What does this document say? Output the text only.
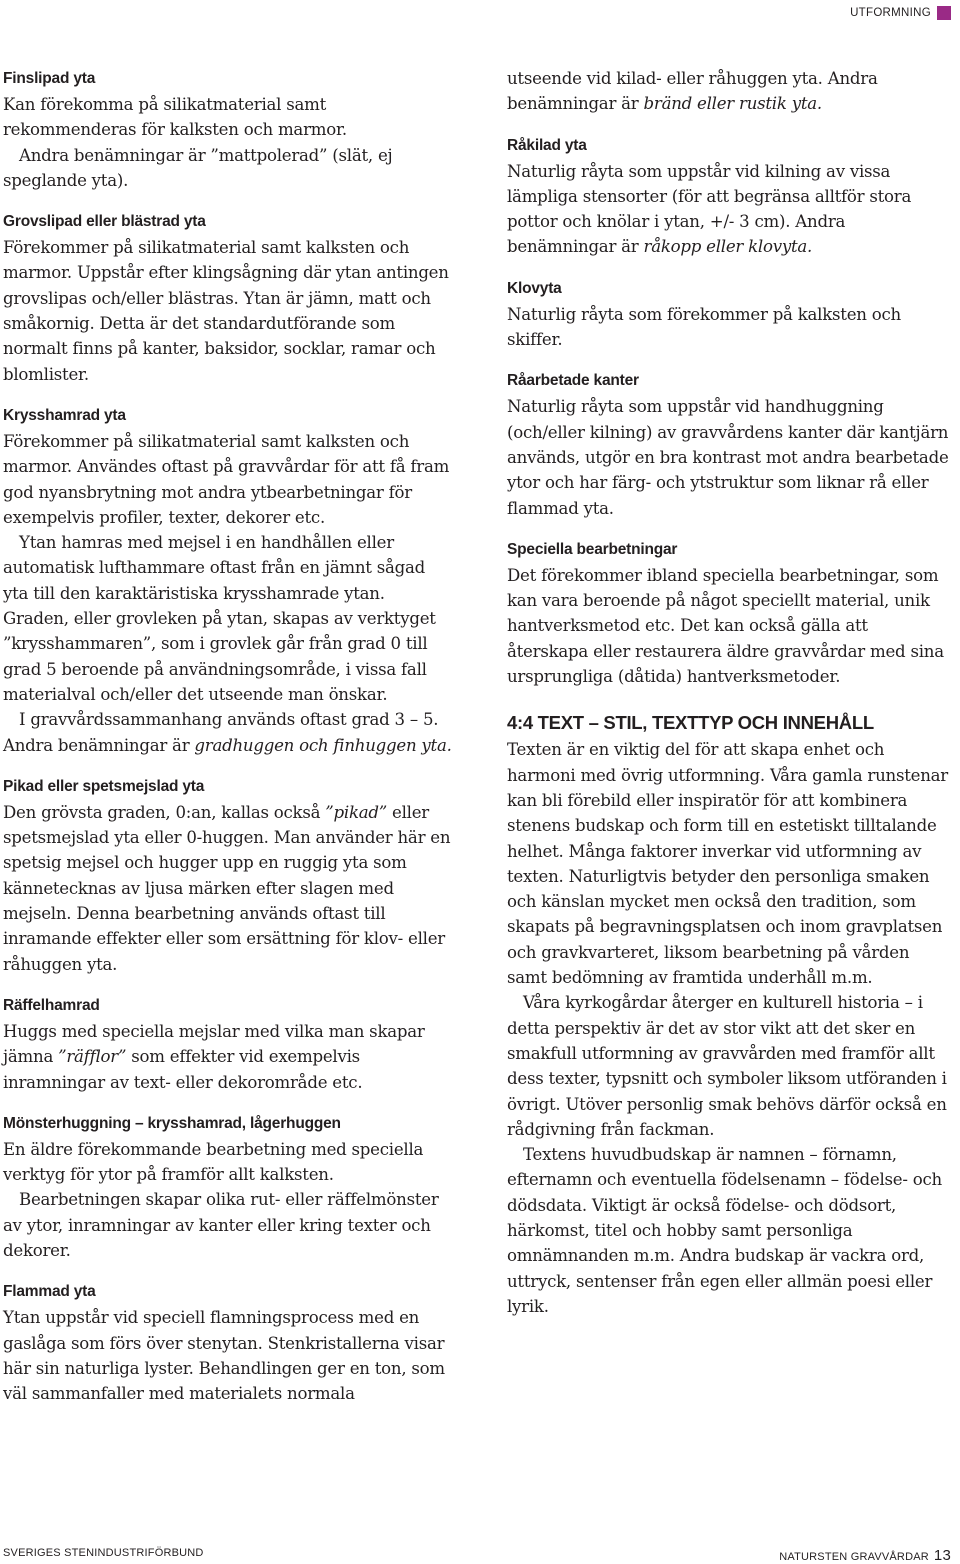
UTFORMNING
Finslipad yta

Kan förekomma på silikatmaterial samt rekommenderas för kalksten och marmor.

Andra benämningar är ”mattpolerad” (slät, ej speglande yta).

Grovslipad eller blästrad yta

Förekommer på silikatmaterial samt kalksten och marmor. Uppstår efter klingsågning där ytan antingen grovslipas och/eller blästras. Ytan är jämn, matt och småkornig. Detta är det standardutförande som normalt finns på kanter, baksidor, socklar, ramar och blomlister.

Krysshamrad yta

Förekommer på silikatmaterial samt kalksten och marmor. Användes oftast på gravvårdar för att få fram god nyansbrytning mot andra ytbearbetningar för exempelvis profiler, texter, dekorer etc.

Ytan hamras med mejsel i en handhållen eller automatisk lufthammare oftast från en jämnt sågad yta till den karaktäristiska krysshamrade ytan.

Graden, eller grovleken på ytan, skapas av verktyget ”krysshammaren”, som i grovlek går från grad 0 till grad 5 beroende på användningsområde, i vissa fall materialval och/eller det utseende man önskar.

I gravvårdssammanhang används oftast grad 3 – 5.

Andra benämningar är gradhuggen och finhuggen yta.

Pikad eller spetsmejslad yta

Den grövsta graden, 0:an, kallas också ”pikad” eller spetsmejslad yta eller 0-huggen. Man använder här en spetsig mejsel och hugger upp en ruggig yta som kännetecknas av ljusa märken efter slagen med mejseln. Denna bearbetning används oftast till inramande effekter eller som ersättning för klov- eller råhuggen yta.

Räffelhamrad

Huggs med speciella mejslar med vilka man skapar jämna ”räfflor” som effekter vid exempelvis inramningar av text- eller dekorområde etc.

Mönsterhuggning – krysshamrad, lågerhuggen

En äldre förekommande bearbetning med speciella verktyg för ytor på framför allt kalksten.

Bearbetningen skapar olika rut- eller räffelmönster av ytor, inramningar av kanter eller kring texter och dekorer.

Flammad yta

Ytan uppstår vid speciell flamningsprocess med en gaslåga som förs över stenytan. Stenkristallerna visar här sin naturliga lyster. Behandlingen ger en ton, som väl sammanfaller med materialets normala

utseende vid kilad- eller råhuggen yta. Andra benämningar är bränd eller rustik yta.

Råkilad yta

Naturlig råyta som uppstår vid kilning av vissa lämpliga stensorter (för att begränsa alltför stora pottor och knölar i ytan, +/- 3 cm). Andra benämningar är råkopp eller klovyta.

Klovyta

Naturlig råyta som förekommer på kalksten och skiffer.

Råarbetade kanter

Naturlig råyta som uppstår vid handhuggning (och/eller kilning) av gravvårdens kanter där kantjärn används, utgör en bra kontrast mot andra bearbetade ytor och har färg- och ytstruktur som liknar rå eller flammad yta.

Speciella bearbetningar

Det förekommer ibland speciella bearbetningar, som kan vara beroende på något speciellt material, unik hantverksmetod etc. Det kan också gälla att återskapa eller restaurera äldre gravvårdar med sina ursprungliga (dåtida) hantverksmetoder.

4:4 TEXT – STIL, TEXTTYP OCH INNEHÅLL

Texten är en viktig del för att skapa enhet och harmoni med övrig utformning. Våra gamla runstenar kan bli förebild eller inspiratör för att kombinera stenens budskap och form till en estetiskt tilltalande helhet. Många faktorer inverkar vid utformning av texten. Naturligtvis betyder den personliga smaken och känslan mycket men också den tradition, som skapats på begravningsplatsen och inom gravplatsen och gravkvarteret, liksom bearbetning på vården samt bedömning av framtida underhåll m.m.

Våra kyrkogårdar återger en kulturell historia – i detta perspektiv är det av stor vikt att det sker en smakfull utformning av gravvården med framför allt dess texter, typsnitt och symboler liksom utföranden i övrigt. Utöver personlig smak behövs därför också en rådgivning från fackman.

Textens huvudbudskap är namnen – förnamn, efternamn och eventuella födelsenamn – födelse- och dödsdata. Viktigt är också födelse- och dödsort, härkomst, titel och hobby samt personliga omnämnanden m.m. Andra budskap är vackra ord, uttryck, sentenser från egen eller allmän poesi eller lyrik.

SVERIGES STENINDUSTRIFÖRBUND	NATURSTEN GRAVVÅRDAR 13
